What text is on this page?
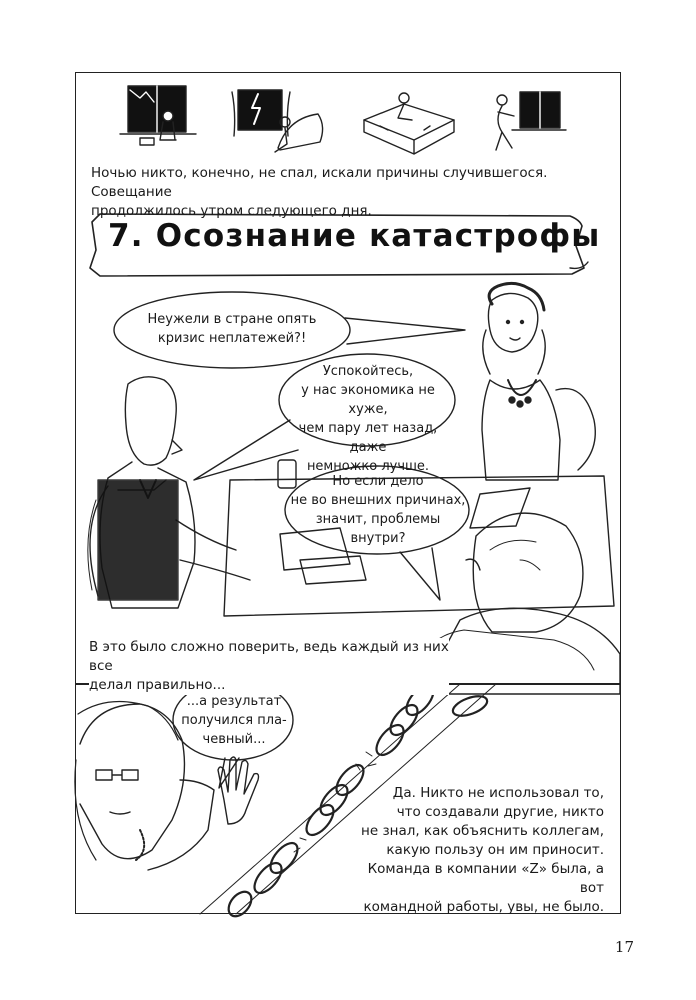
Ночью никто, конечно, не спал, искали причины случившегося. Совещание
продолжилось утром следующего дня.
7. Осознание катастрофы
Неужели в стране опять
кризис неплатежей?!
Успокойтесь,
у нас экономика не хуже,
чем пару лет назад, даже
немножко лучше.
Но если дело
не во внешних причинах,
значит, проблемы
внутри?
В это было сложно поверить, ведь каждый из них все
делал правильно...
...а результат
получился пла-
чевный...
Да. Никто не использовал то,
что создавали другие, никто
не знал, как объяснить коллегам,
какую пользу он им приносит.
Команда в компании «Z» была, а вот
командной работы, увы, не было.
17
